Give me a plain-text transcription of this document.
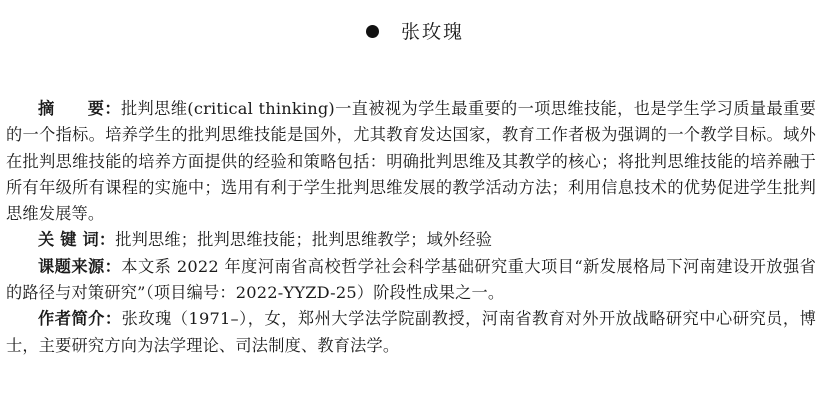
张玫瑰

摘　　要：批判思维(critical thinking)一直被视为学生最重要的一项思维技能，也是学生学习质量最重要的一个指标。培养学生的批判思维技能是国外，尤其教育发达国家，教育工作者极为强调的一个教学目标。域外在批判思维技能的培养方面提供的经验和策略包括：明确批判思维及其教学的核心；将批判思维技能的培养融于所有年级所有课程的实施中；选用有利于学生批判思维发展的教学活动方法；利用信息技术的优势促进学生批判思维发展等。

关 键 词：批判思维；批判思维技能；批判思维教学；域外经验

课题来源：本文系 2022 年度河南省高校哲学社会科学基础研究重大项目“新发展格局下河南建设开放强省的路径与对策研究”（项目编号：2022-YYZD-25）阶段性成果之一。

作者简介：张玫瑰（1971–），女，郑州大学法学院副教授，河南省教育对外开放战略研究中心研究员，博士，主要研究方向为法学理论、司法制度、教育法学。
